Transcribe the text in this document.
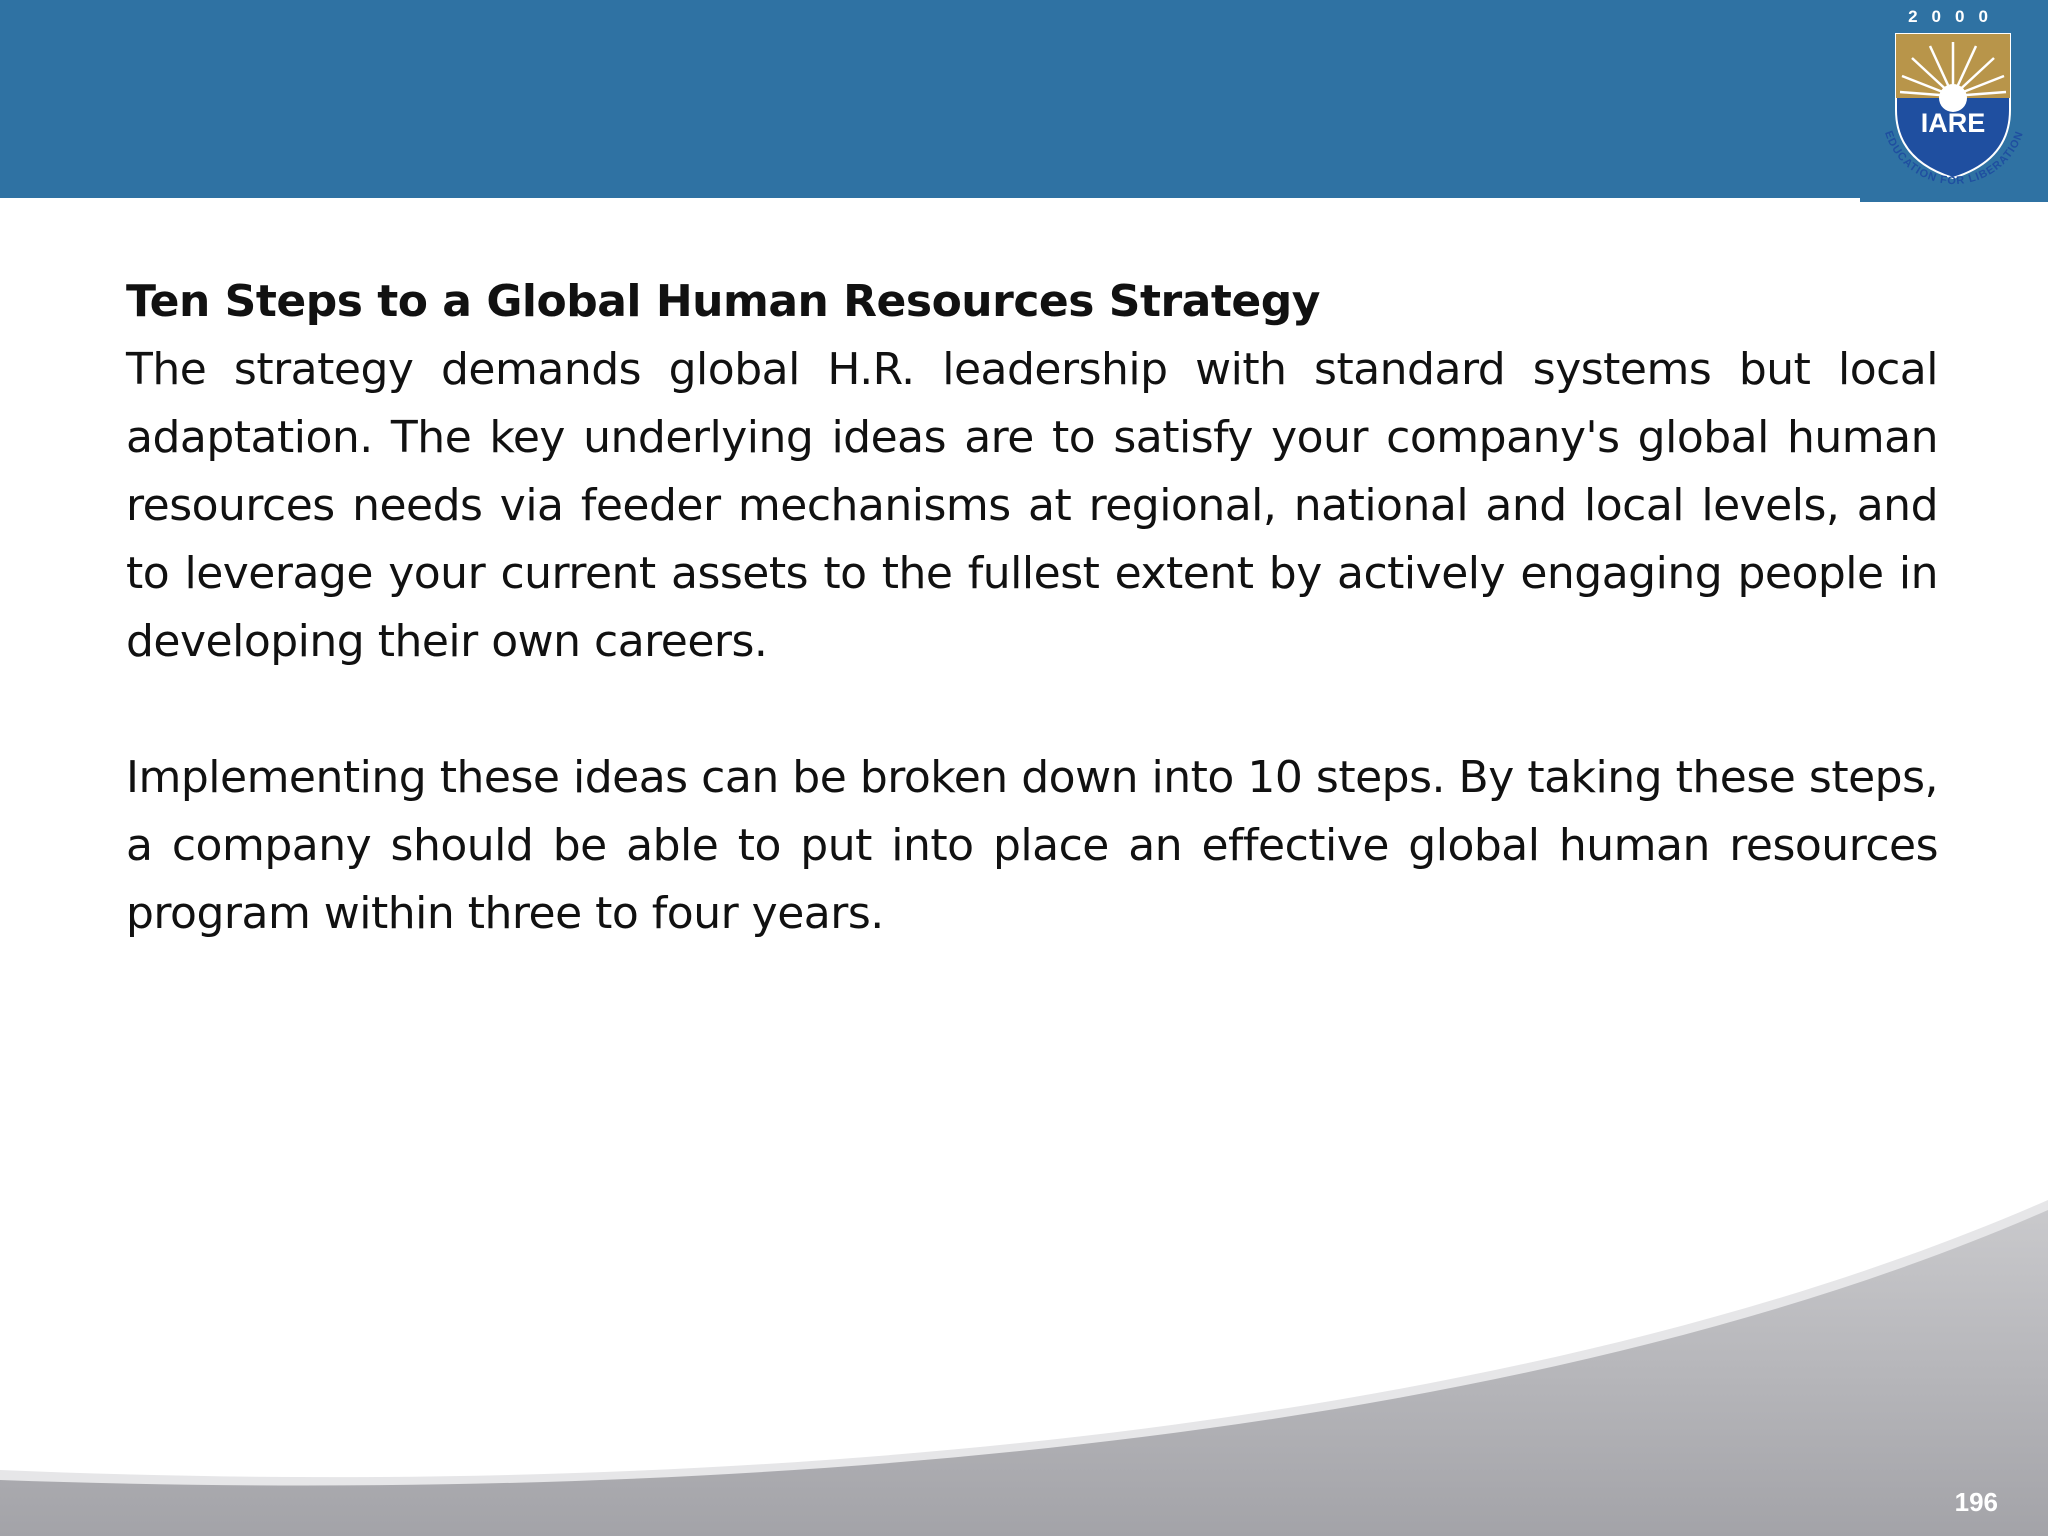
2000
IARE
EDUCATION FOR LIBERATION
Ten Steps to a Global Human Resources Strategy

The strategy demands global H.R. leadership with standard systems but local adaptation. The key underlying ideas are to satisfy your company's global human resources needs via feeder mechanisms at regional, national and local levels, and to leverage your current assets to the fullest extent by actively engaging people in developing their own careers.

Implementing these ideas can be broken down into 10 steps. By taking these steps, a company should be able to put into place an effective global human resources program within three to four years.

196
